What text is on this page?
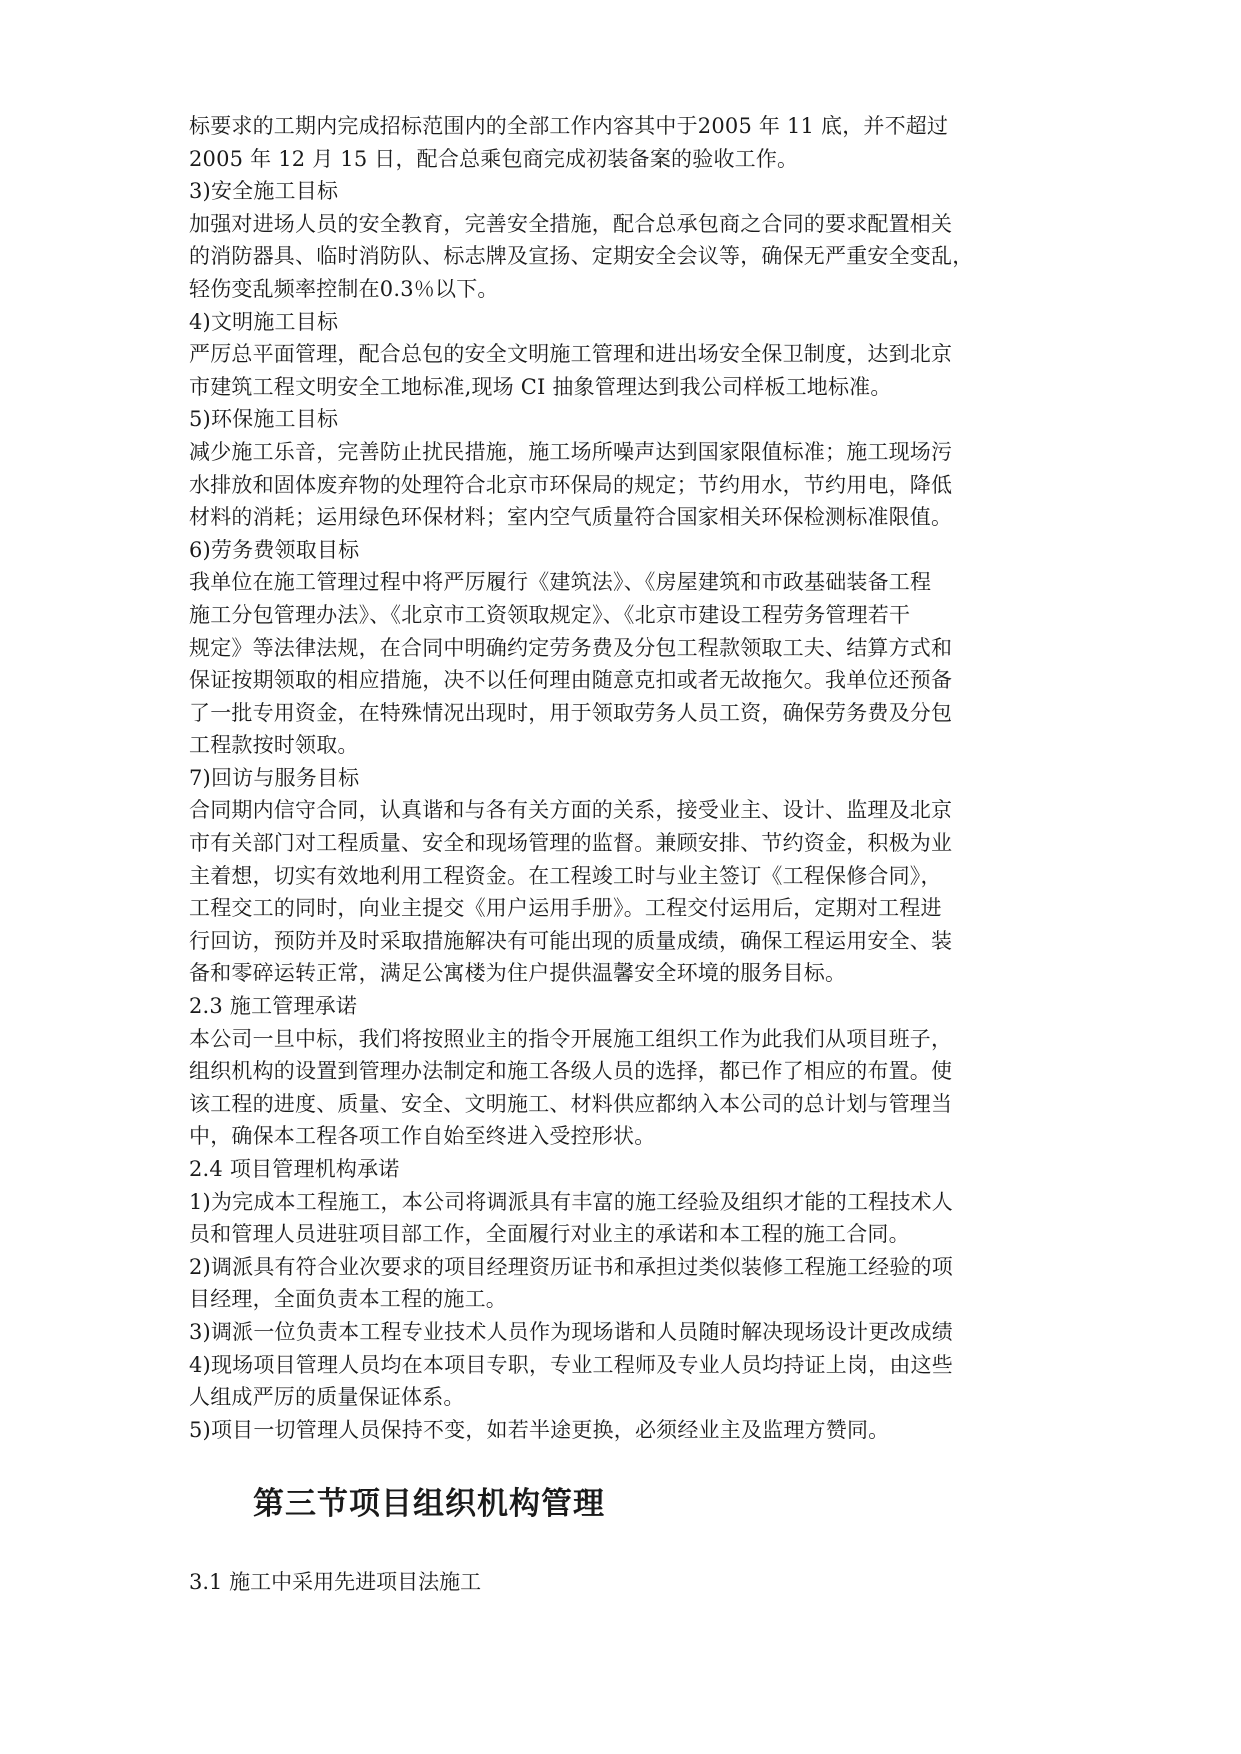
标要求的工期内完成招标范围内的全部工作内容其中于2005 年 11 底，并不超过
2005 年 12 月 15 日，配合总乘包商完成初装备案的验收工作。
3)安全施工目标
加强对进场人员的安全教育，完善安全措施，配合总承包商之合同的要求配置相关
的消防器具、临时消防队、标志牌及宣扬、定期安全会议等，确保无严重安全变乱，
轻伤变乱频率控制在0.3％以下。
4)文明施工目标
严厉总平面管理，配合总包的安全文明施工管理和进出场安全保卫制度，达到北京
市建筑工程文明安全工地标准,现场 CI 抽象管理达到我公司样板工地标准。
5)环保施工目标
减少施工乐音，完善防止扰民措施，施工场所噪声达到国家限值标准；施工现场污
水排放和固体废弃物的处理符合北京市环保局的规定；节约用水，节约用电，降低
材料的消耗；运用绿色环保材料；室内空气质量符合国家相关环保检测标准限值。
6)劳务费领取目标
我单位在施工管理过程中将严厉履行《建筑法》、《房屋建筑和市政基础装备工程
施工分包管理办法》、《北京市工资领取规定》、《北京市建设工程劳务管理若干
规定》等法律法规，在合同中明确约定劳务费及分包工程款领取工夫、结算方式和
保证按期领取的相应措施，决不以任何理由随意克扣或者无故拖欠。我单位还预备
了一批专用资金，在特殊情况出现时，用于领取劳务人员工资，确保劳务费及分包
工程款按时领取。
7)回访与服务目标
合同期内信守合同，认真谐和与各有关方面的关系，接受业主、设计、监理及北京
市有关部门对工程质量、安全和现场管理的监督。兼顾安排、节约资金，积极为业
主着想，切实有效地利用工程资金。在工程竣工时与业主签订《工程保修合同》，
工程交工的同时，向业主提交《用户运用手册》。工程交付运用后，定期对工程进
行回访，预防并及时采取措施解决有可能出现的质量成绩，确保工程运用安全、装
备和零碎运转正常，满足公寓楼为住户提供温馨安全环境的服务目标。
2.3 施工管理承诺
本公司一旦中标，我们将按照业主的指令开展施工组织工作为此我们从项目班子，
组织机构的设置到管理办法制定和施工各级人员的选择，都已作了相应的布置。使
该工程的进度、质量、安全、文明施工、材料供应都纳入本公司的总计划与管理当
中，确保本工程各项工作自始至终进入受控形状。
2.4 项目管理机构承诺
1)为完成本工程施工，本公司将调派具有丰富的施工经验及组织才能的工程技术人
员和管理人员进驻项目部工作，全面履行对业主的承诺和本工程的施工合同。
2)调派具有符合业次要求的项目经理资历证书和承担过类似装修工程施工经验的项
目经理，全面负责本工程的施工。
3)调派一位负责本工程专业技术人员作为现场谐和人员随时解决现场设计更改成绩
4)现场项目管理人员均在本项目专职，专业工程师及专业人员均持证上岗，由这些
人组成严厉的质量保证体系。
5)项目一切管理人员保持不变，如若半途更换，必须经业主及监理方赞同。
第三节项目组织机构管理
3.1 施工中采用先进项目法施工
